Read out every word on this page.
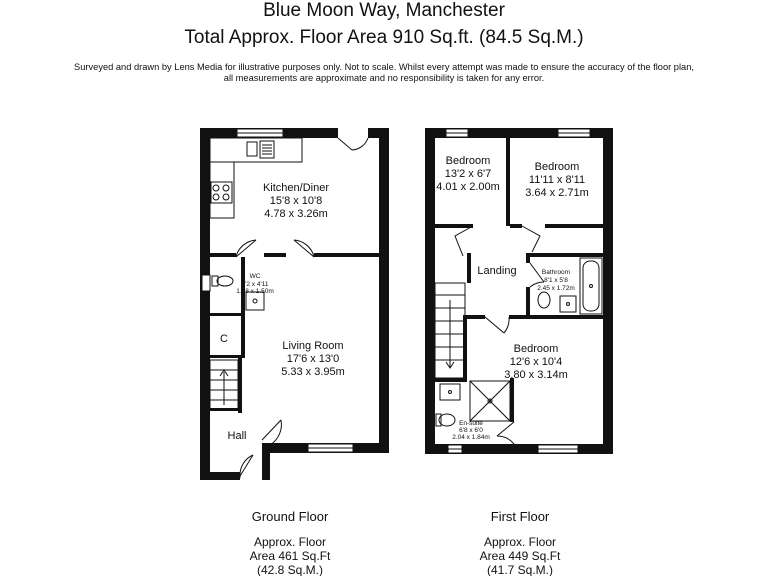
Blue Moon Way, Manchester
Total Approx. Floor Area 910 Sq.ft. (84.5 Sq.M.)
Surveyed and drawn by Lens Media for illustrative purposes only. Not to scale. Whilst every attempt was made to ensure the accuracy of the floor plan,
all measurements are approximate and no responsibility is taken for any error.
Kitchen/Diner
15'8 x 10'8
4.78 x 3.26m
WC
6'2 x 4'11
1.88 x 1.50m
C
Living Room
17'6 x 13'0
5.33 x 3.95m
Hall
Bedroom
13'2 x 6'7
4.01 x 2.00m
Bedroom
11'11 x 8'11
3.64 x 2.71m
Landing	Bathroom
8'1 x 5'8
2.45 x 1.72m
Bedroom
12'6 x 10'4
3.80 x 3.14m
En-suite
6'8 x 6'0
2.04 x 1.84m
Ground Floor
Approx. Floor
Area 461 Sq.Ft
(42.8 Sq.M.)
First Floor
Approx. Floor
Area 449 Sq.Ft
(41.7 Sq.M.)
